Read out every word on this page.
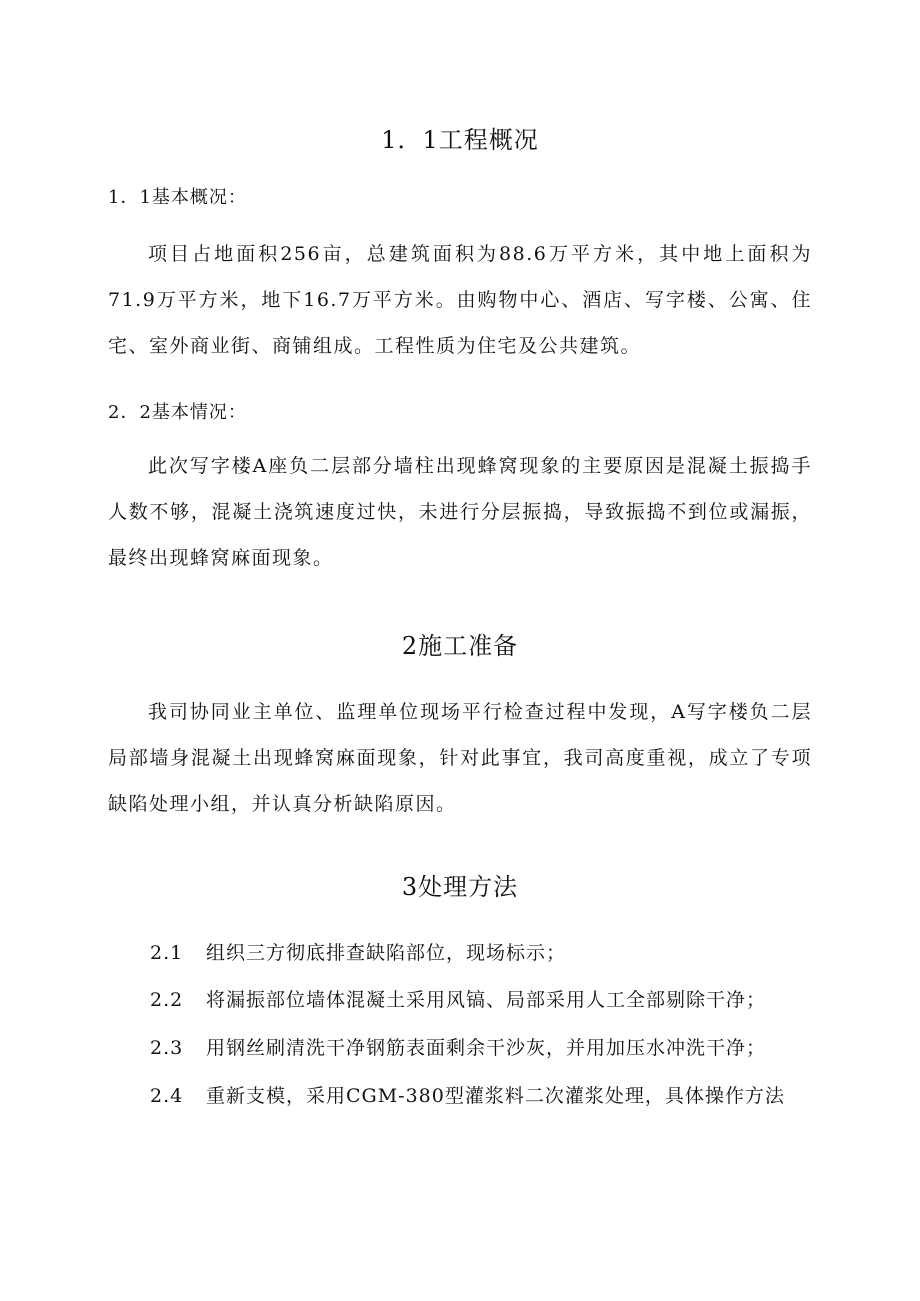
1．1工程概况
1．1基本概况：

项目占地面积256亩，总建筑面积为88.6万平方米，其中地上面积为71.9万平方米，地下16.7万平方米。由购物中心、酒店、写字楼、公寓、住宅、室外商业街、商铺组成。工程性质为住宅及公共建筑。

2．2基本情况：

此次写字楼A座负二层部分墙柱出现蜂窝现象的主要原因是混凝土振捣手人数不够，混凝土浇筑速度过快，未进行分层振捣，导致振捣不到位或漏振，最终出现蜂窝麻面现象。

2施工准备

我司协同业主单位、监理单位现场平行检查过程中发现，A写字楼负二层局部墙身混凝土出现蜂窝麻面现象，针对此事宜，我司高度重视，成立了专项缺陷处理小组，并认真分析缺陷原因。

3处理方法
2.1 组织三方彻底排查缺陷部位，现场标示；
2.2 将漏振部位墙体混凝土采用风镐、局部采用人工全部剔除干净；
2.3 用钢丝刷清洗干净钢筋表面剩余干沙灰，并用加压水冲洗干净；
2.4 重新支模，采用CGM-380型灌浆料二次灌浆处理，具体操作方法
